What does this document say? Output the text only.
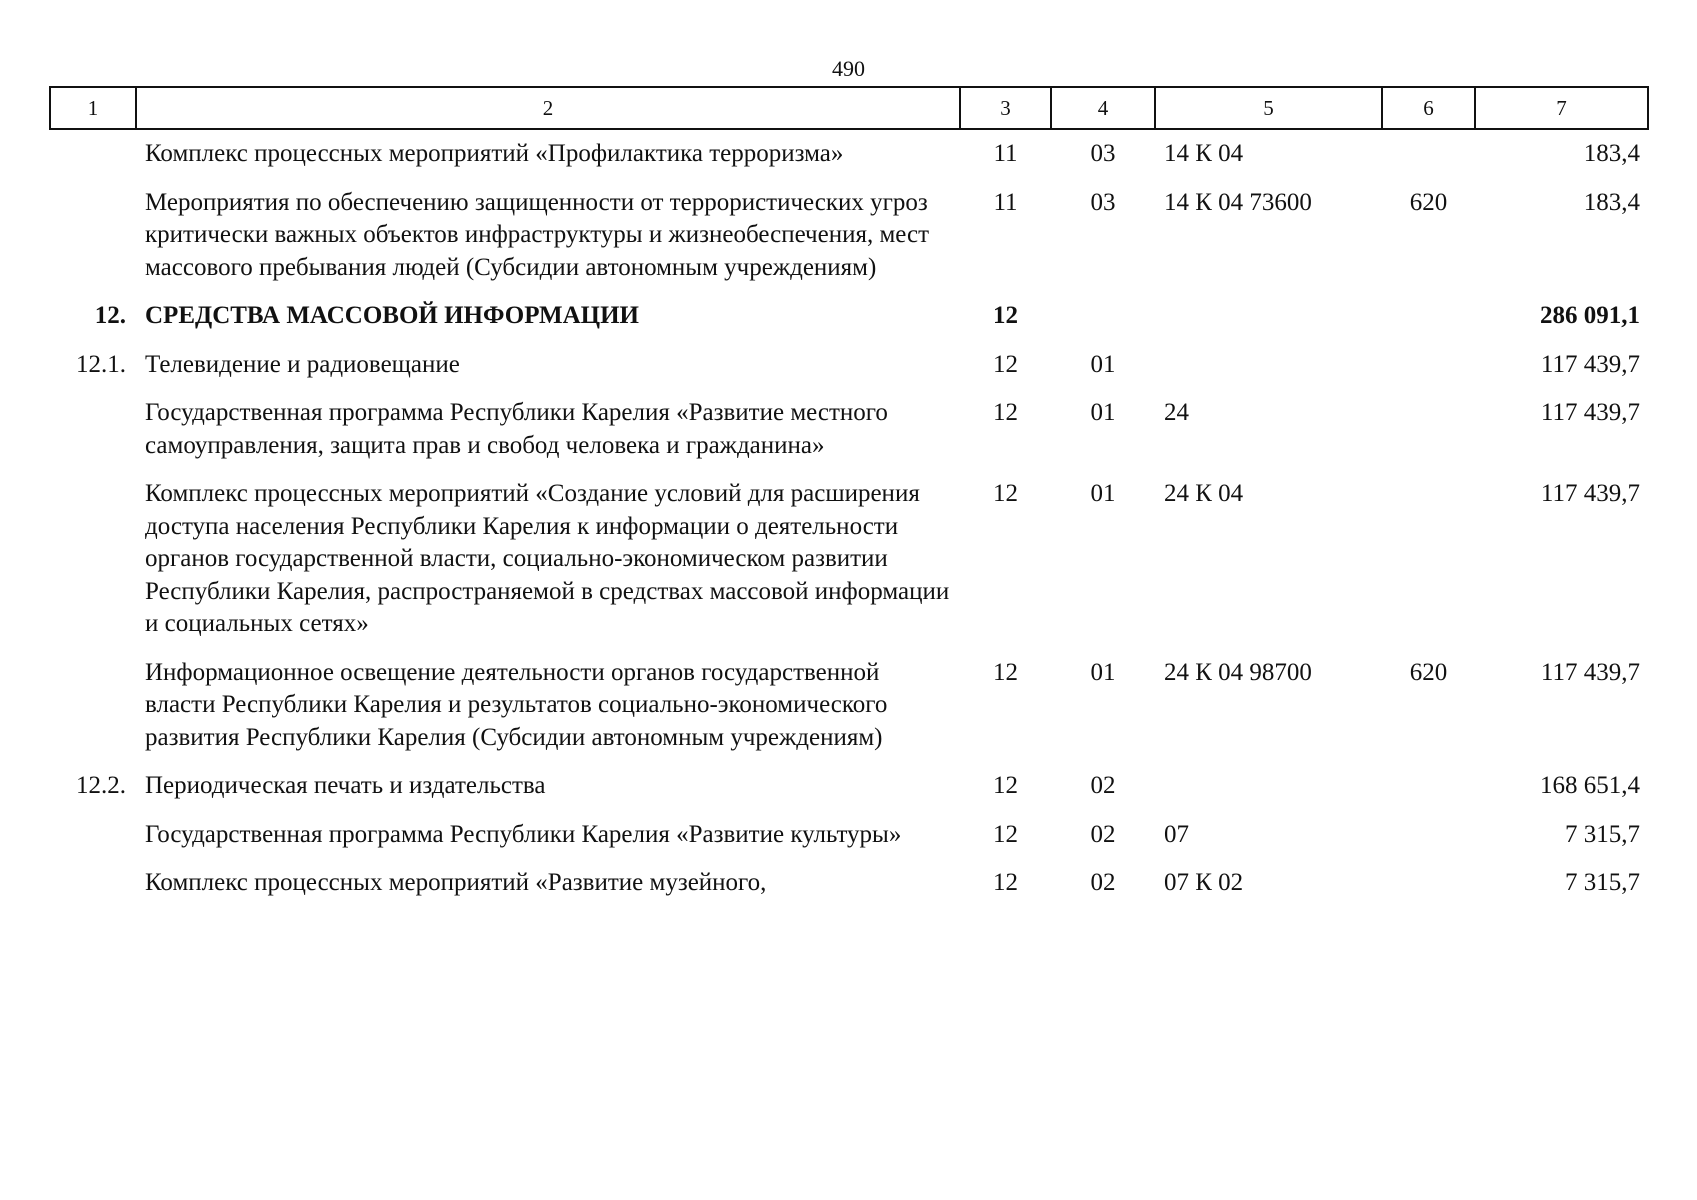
490
1	2	3	4	5	6	7
	Комплекс процессных мероприятий «Профилактика терроризма»	11	03	14 К 04		183,4
	Мероприятия по обеспечению защищенности от террористических угроз критически важных объектов инфраструктуры и жизнеобеспечения, мест массового пребывания людей (Субсидии автономным учреждениям)	11	03	14 К 04 73600	620	183,4
12.	СРЕДСТВА МАССОВОЙ ИНФОРМАЦИИ	12				286 091,1
12.1.	Телевидение и радиовещание	12	01			117 439,7
	Государственная программа Республики Карелия «Развитие местного самоуправления, защита прав и свобод человека и гражданина»	12	01	24		117 439,7
	Комплекс процессных мероприятий «Создание условий для расширения доступа населения Республики Карелия к информации о деятельности органов государственной власти, социально-экономическом развитии Республики Карелия, распространяемой в средствах массовой информации и социальных сетях»	12	01	24 К 04		117 439,7
	Информационное освещение деятельности органов государственной власти Республики Карелия и результатов социально-экономического развития Республики Карелия (Субсидии автономным учреждениям)	12	01	24 К 04 98700	620	117 439,7
12.2.	Периодическая печать и издательства	12	02			168 651,4
	Государственная программа Республики Карелия «Развитие культуры»	12	02	07		7 315,7
	Комплекс процессных мероприятий «Развитие музейного,	12	02	07 К 02		7 315,7
